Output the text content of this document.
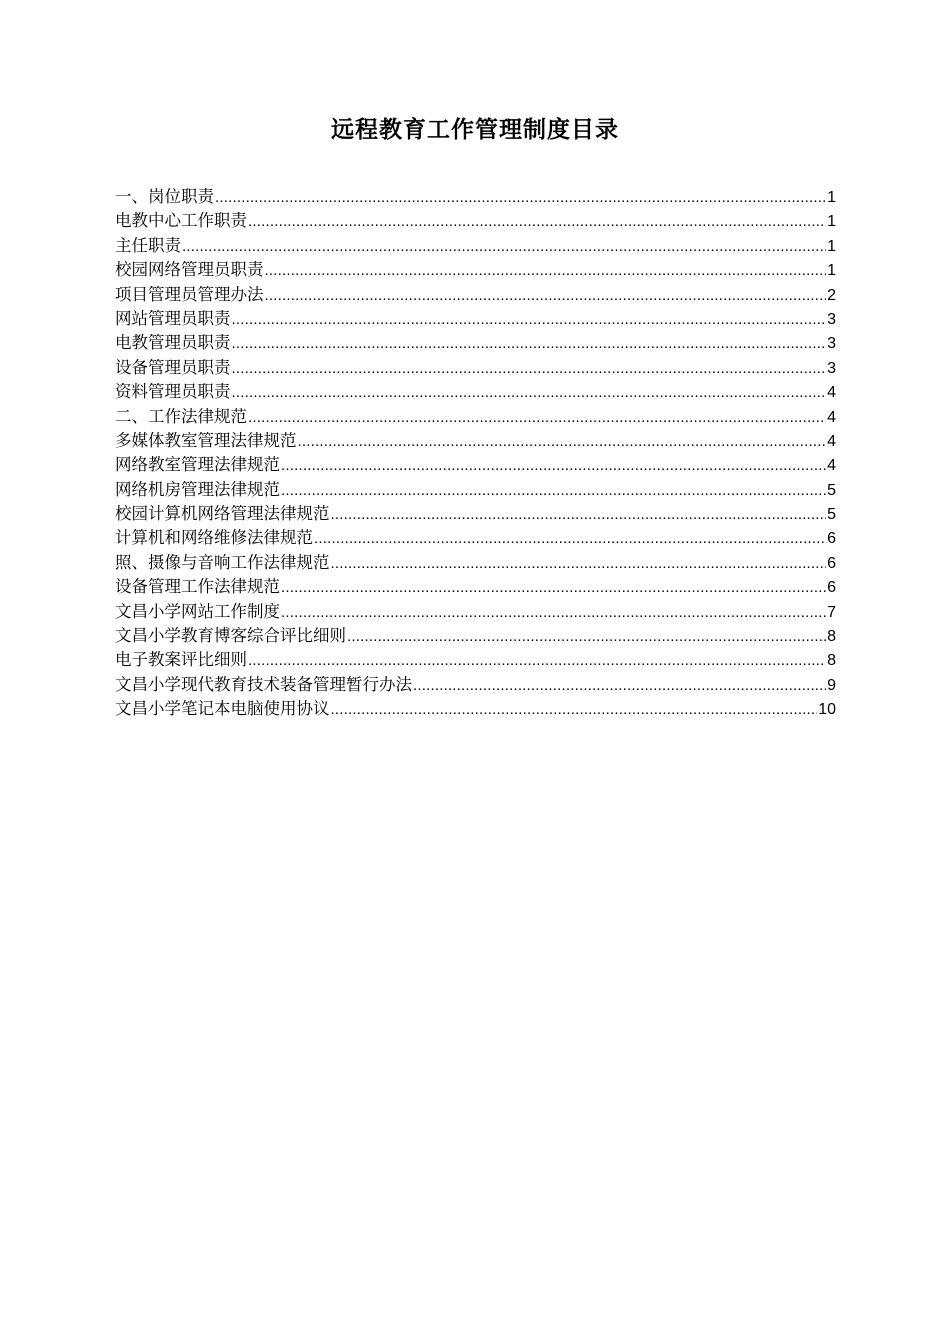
远程教育工作管理制度目录
一、岗位职责 .....	1
电教中心工作职责 .....	1
主任职责 .....	1
校园网络管理员职责 .....	1
项目管理员管理办法 .....	2
网站管理员职责 .....	3
电教管理员职责 .....	3
设备管理员职责 .....	3
资料管理员职责 .....	4
二、工作法律规范 .....	4
多媒体教室管理法律规范 .....	4
网络教室管理法律规范 .....	4
网络机房管理法律规范 .....	5
校园计算机网络管理法律规范 .....	5
计算机和网络维修法律规范 .....	6
照、摄像与音响工作法律规范 .....	6
设备管理工作法律规范 .....	6
文昌小学网站工作制度 .....	7
文昌小学教育博客综合评比细则 .....	8
电子教案评比细则 .....	8
文昌小学现代教育技术装备管理暂行办法 .....	9
文昌小学笔记本电脑使用协议 .....	10
